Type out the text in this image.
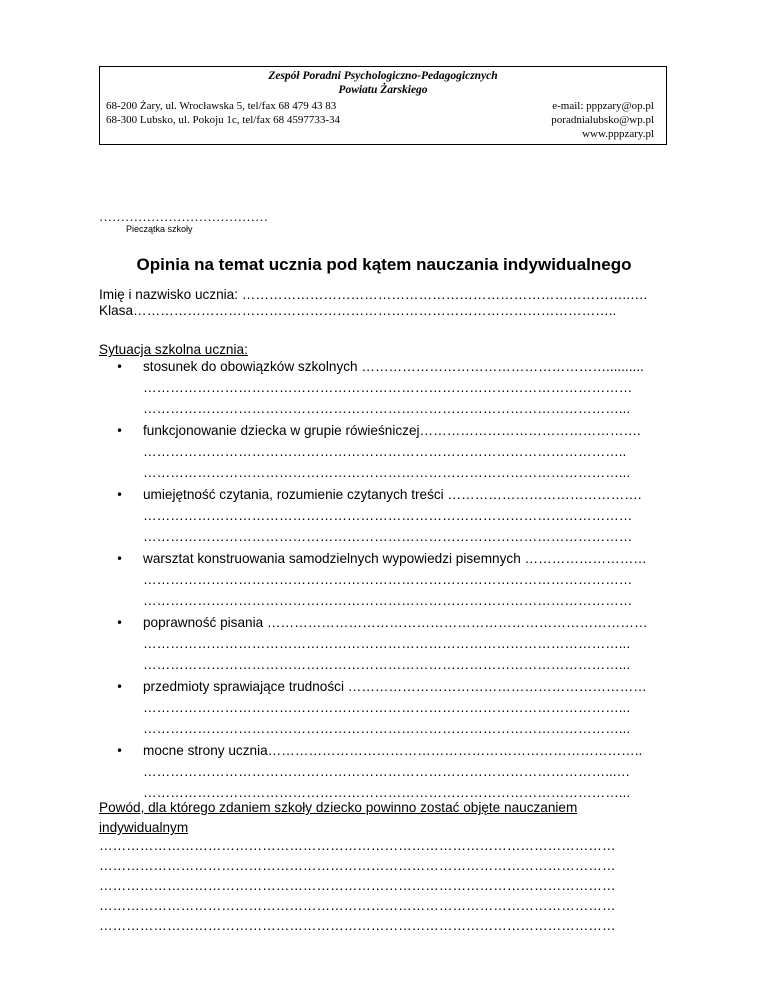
Zespół Poradni Psychologiczno-Pedagogicznych
Powiatu Żarskiego
68-200 Żary, ul. Wrocławska 5, tel/fax 68 479 43 83
68-300 Lubsko, ul. Pokoju 1c, tel/fax 68 4597733-34
e-mail: pppzary@op.pl
poradnialubsko@wp.pl
www.pppzary.pl
…………………………………
Pieczątka szkoły
Opinia na temat ucznia pod kątem nauczania indywidualnego
Imię i nazwisko ucznia: …………………………………………………………………………..….
Klasa……………………………………………………………………………………………..
Sytuacja szkolna ucznia:
• stosunek do obowiązków szkolnych ………………………………………………..........
………………………………………………………………………………………………
……………………………………………………………………………………………...
• funkcjonowanie dziecka w grupie rówieśniczej………………………………………….
……………………………………………………………………………………………..
……………………………………………………………………………………………...
• umiejętność czytania, rozumienie czytanych treści …………………………………….
………………………………………………………………………………………………
………………………………………………………………………………………………
• warsztat konstruowania samodzielnych wypowiedzi pisemnych ………………………
………………………………………………………………………………………………
………………………………………………………………………………………………
• poprawność pisania …………………………………………………………………………
……………………………………………………………………………………………...
……………………………………………………………………………………………...
• przedmioty sprawiające trudności …………………………………………………………
……………………………………………………………………………………………...
……………………………………………………………………………………………...
• mocne strony ucznia………………………………………………………………………..
…………………………………………………………………………………………...…
……………………………………………………………………………………………...
Powód, dla którego zdaniem szkoły dziecko powinno zostać objęte nauczaniem
indywidualnym
……………………………………………………………………………………………………
……………………………………………………………………………………………………
……………………………………………………………………………………………………
……………………………………………………………………………………………………
……………………………………………………………………………………………………
